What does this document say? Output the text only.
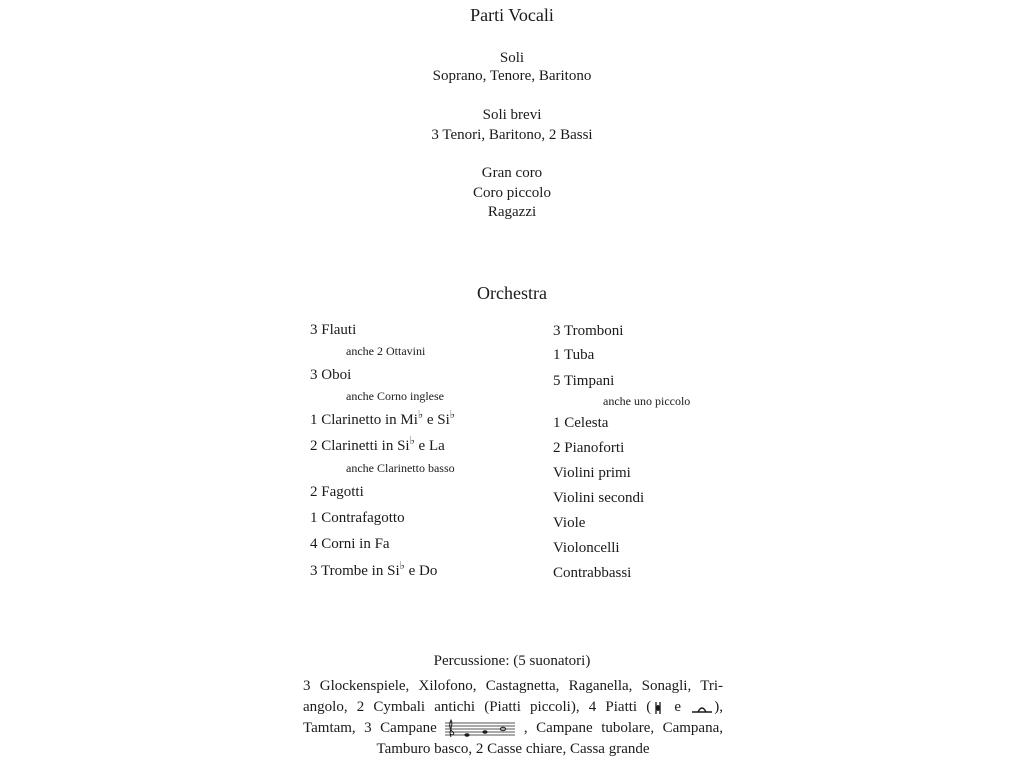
Parti Vocali
Soli
Soprano, Tenore, Baritono
Soli brevi
3 Tenori, Baritono, 2 Bassi
Gran coro
Coro piccolo
Ragazzi
Orchestra
3 Flauti
anche 2 Ottavini
3 Oboi
anche Corno inglese
1 Clarinetto in Mi♭ e Si♭
2 Clarinetti in Si♭ e La
anche Clarinetto basso
2 Fagotti
1 Contrafagotto
4 Corni in Fa
3 Trombe in Si♭ e Do
3 Tromboni
1 Tuba
5 Timpani
anche uno piccolo
1 Celesta
2 Pianoforti
Violini primi
Violini secondi
Viole
Violoncelli
Contrabbassi
Percussione: (5 suonatori)
3 Glockenspiele, Xilofono, Castagnetta, Raganella, Sonagli, Tri-
angolo, 2 Cymbali antichi (Piatti piccoli), 4 Piatti ( e ),
Tamtam, 3 Campane	, Campane tubolare, Campana,
Tamburo basco, 2 Casse chiare, Cassa grande
